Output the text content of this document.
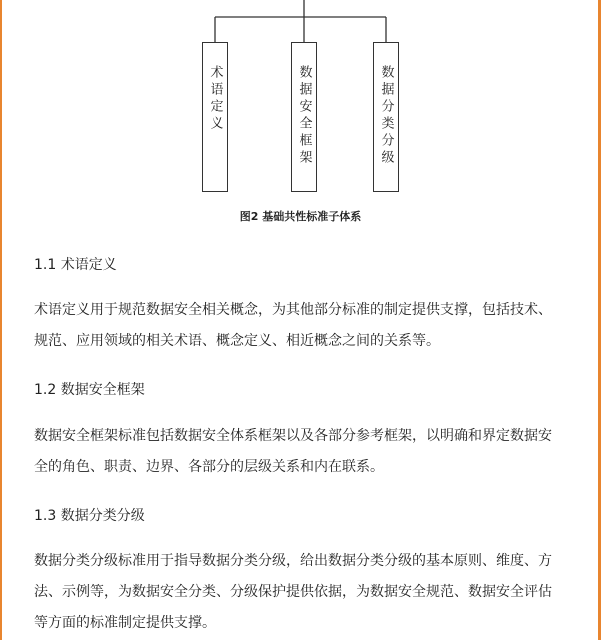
术语定义	数据安全框架	数据分类分级
图2 基础共性标准子体系
1.1 术语定义
术语定义用于规范数据安全相关概念，为其他部分标准的制定提供支撑，包括技术、规范、应用领域的相关术语、概念定义、相近概念之间的关系等。
1.2 数据安全框架
数据安全框架标准包括数据安全体系框架以及各部分参考框架，以明确和界定数据安全的角色、职责、边界、各部分的层级关系和内在联系。
1.3 数据分类分级
数据分类分级标准用于指导数据分类分级，给出数据分类分级的基本原则、维度、方法、示例等，为数据安全分类、分级保护提供依据，为数据安全规范、数据安全评估等方面的标准制定提供支撑。
